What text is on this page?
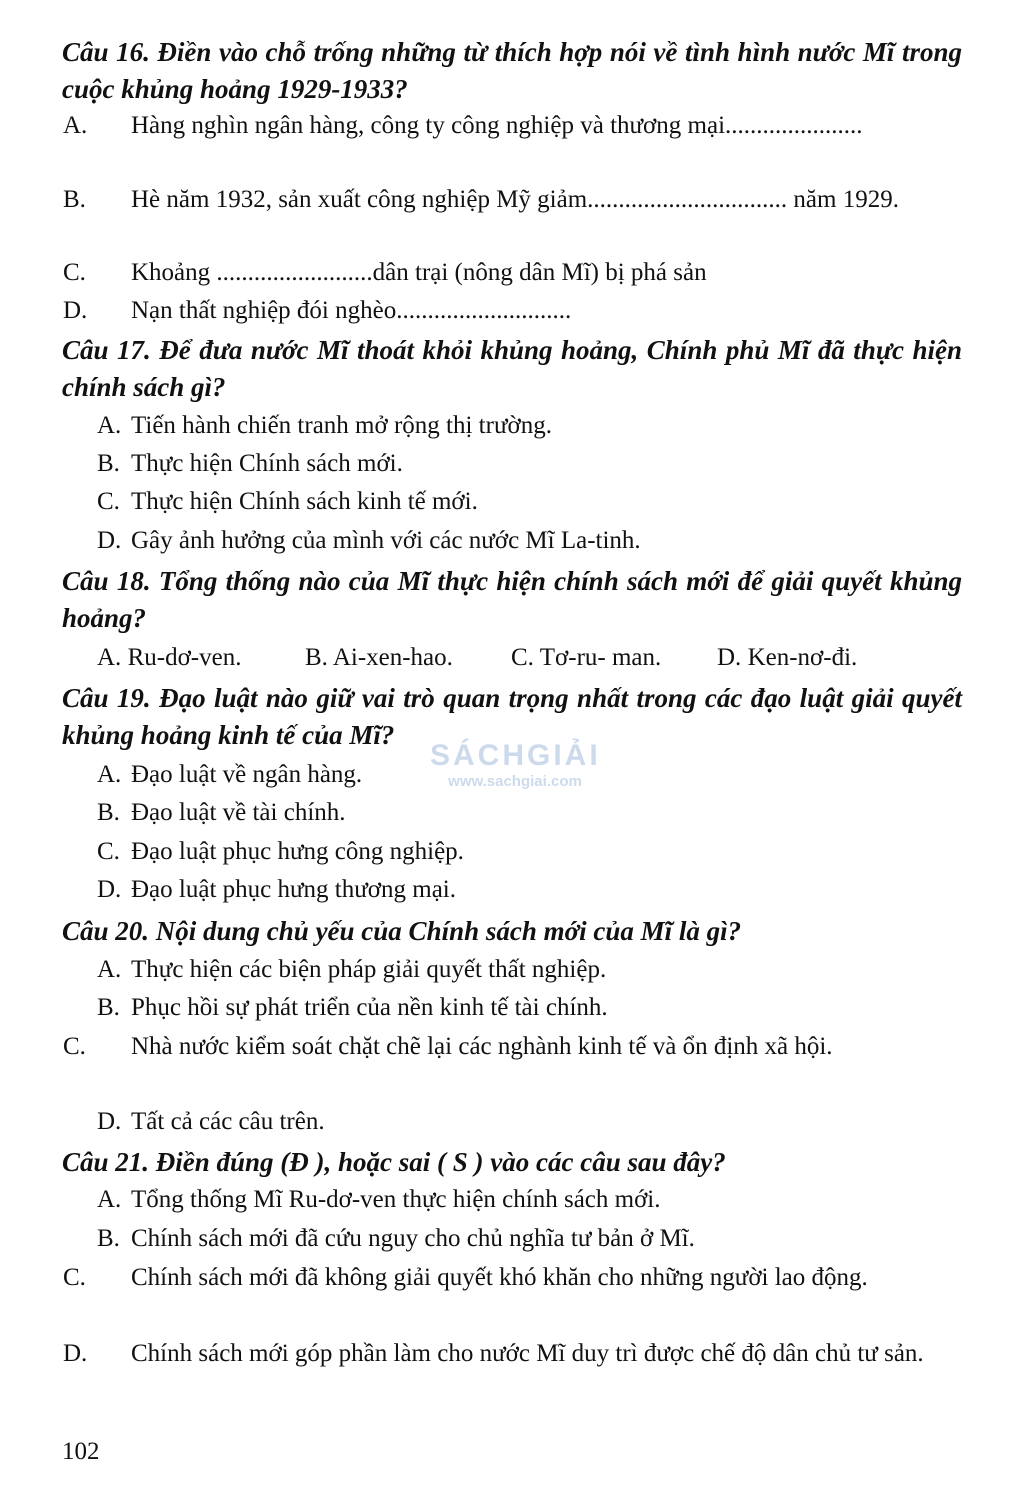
Câu 16. Điền vào chỗ trống những từ thích hợp nói về tình hình nước Mĩ trong cuộc khủng hoảng 1929-1933?
A. Hàng nghìn ngân hàng, công ty công nghiệp và thương mại......................
B. Hè năm 1932, sản xuất công nghiệp Mỹ giảm................................ năm 1929.
C. Khoảng .........................dân trại (nông dân Mĩ) bị phá sản
D. Nạn thất nghiệp đói nghèo............................
Câu 17. Để đưa nước Mĩ thoát khỏi khủng hoảng, Chính phủ Mĩ đã thực hiện chính sách gì?
A. Tiến hành chiến tranh mở rộng thị trường.
B. Thực hiện Chính sách mới.
C. Thực hiện Chính sách kinh tế mới.
D. Gây ảnh hưởng của mình với các nước Mĩ La-tinh.
Câu 18. Tổng thống nào của Mĩ thực hiện chính sách mới để giải quyết khủng hoảng?
A. Ru-dơ-ven.	B. Ai-xen-hao.	C. Tơ-ru- man.	D. Ken-nơ-đi.
Câu 19. Đạo luật nào giữ vai trò quan trọng nhất trong các đạo luật giải quyết khủng hoảng kinh tế của Mĩ?
A. Đạo luật về ngân hàng.
B. Đạo luật về tài chính.
C. Đạo luật phục hưng công nghiệp.
D. Đạo luật phục hưng thương mại.
Câu 20. Nội dung chủ yếu của Chính sách mới của Mĩ là gì?
A. Thực hiện các biện pháp giải quyết thất nghiệp.
B. Phục hồi sự phát triển của nền kinh tế tài chính.
C. Nhà nước kiểm soát chặt chẽ lại các nghành kinh tế và ổn định xã hội.
D. Tất cả các câu trên.
Câu 21. Điền đúng (Đ ), hoặc sai ( S ) vào các câu sau đây?
A. Tổng thống Mĩ Ru-dơ-ven thực hiện chính sách mới.
B. Chính sách mới đã cứu nguy cho chủ nghĩa tư bản ở Mĩ.
C. Chính sách mới đã không giải quyết khó khăn cho những người lao động.
D. Chính sách mới góp phần làm cho nước Mĩ duy trì được chế độ dân chủ tư sản.
SÁCHGIẢI
www.sachgiai.com
102
